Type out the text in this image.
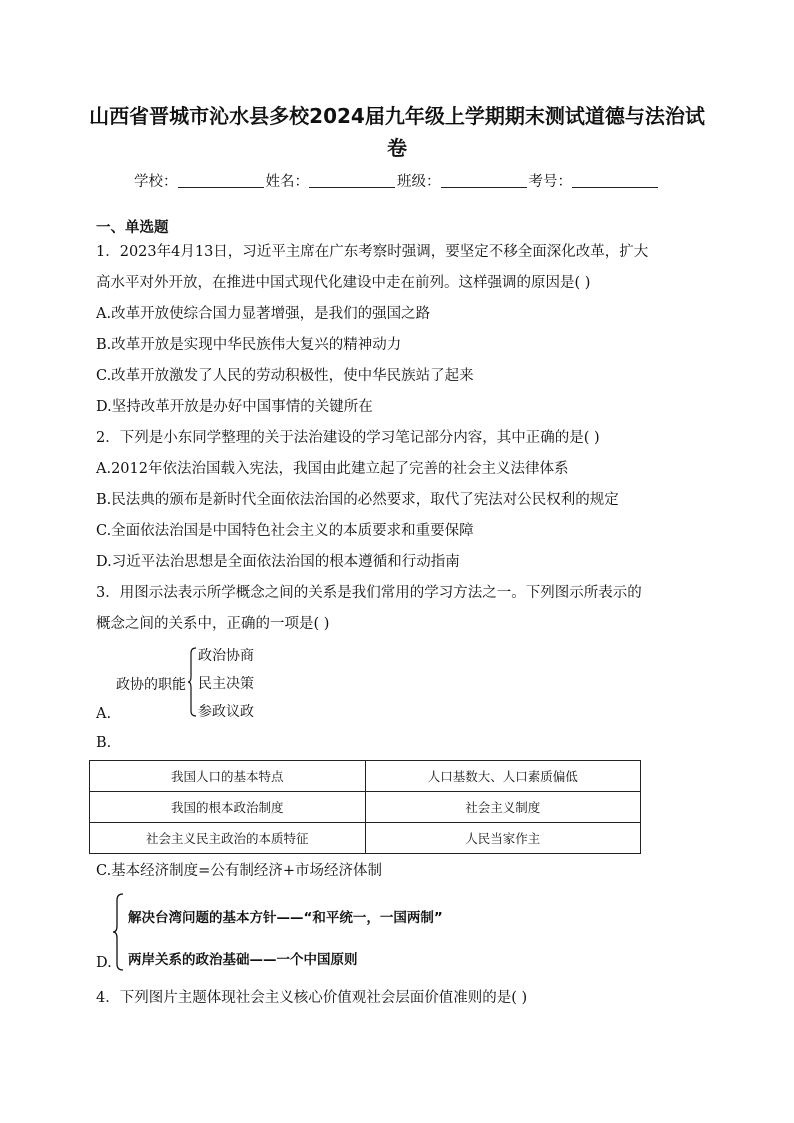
山西省晋城市沁水县多校2024届九年级上学期期末测试道德与法治试
卷
学校：	姓名：	班级：	考号：
一、单选题
1．2023年4月13日，习近平主席在广东考察时强调，要坚定不移全面深化改革，扩大
高水平对外开放，在推进中国式现代化建设中走在前列。这样强调的原因是( )
A.改革开放使综合国力显著增强，是我们的强国之路
B.改革开放是实现中华民族伟大复兴的精神动力
C.改革开放激发了人民的劳动积极性，使中华民族站了起来
D.坚持改革开放是办好中国事情的关键所在
2．下列是小东同学整理的关于法治建设的学习笔记部分内容，其中正确的是( )
A.2012年依法治国载入宪法，我国由此建立起了完善的社会主义法律体系
B.民法典的颁布是新时代全面依法治国的必然要求，取代了宪法对公民权利的规定
C.全面依法治国是中国特色社会主义的本质要求和重要保障
D.习近平法治思想是全面依法治国的根本遵循和行动指南
3．用图示法表示所学概念之间的关系是我们常用的学习方法之一。下列图示所表示的
概念之间的关系中，正确的一项是( )
政协的职能
政治协商
民主决策
参政议政
A.
B.
我国人口的基本特点	人口基数大、人口素质偏低
我国的根本政治制度	社会主义制度
社会主义民主政治的本质特征	人民当家作主
C.基本经济制度=公有制经济+市场经济体制
解决台湾问题的基本方针——“和平统一，一国两制”
两岸关系的政治基础——一个中国原则
D.
4．下列图片主题体现社会主义核心价值观社会层面价值准则的是( )
